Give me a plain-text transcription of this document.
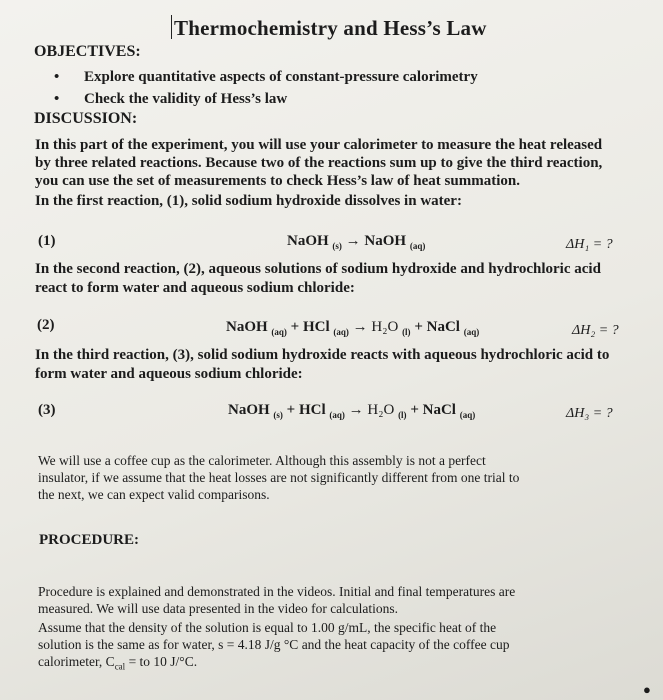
Thermochemistry and Hess’s Law
OBJECTIVES:
• Explore quantitative aspects of constant-pressure calorimetry
• Check the validity of Hess’s law
DISCUSSION:
In this part of the experiment, you will use your calorimeter to measure the heat released
by three related reactions. Because two of the reactions sum up to give the third reaction,
you can use the set of measurements to check Hess’s law of heat summation.
In the first reaction, (1), solid sodium hydroxide dissolves in water:
(1)	NaOH $_{(s)}$ → NaOH $_{(aq)}$	ΔH₁ = ?
In the second reaction, (2), aqueous solutions of sodium hydroxide and hydrochloric acid
react to form water and aqueous sodium chloride:
(2)	NaOH $_{(aq)}$ + HCl $_{(aq)}$ → H₂O $_{(l)}$ + NaCl $_{(aq)}$	ΔH₂ = ?
In the third reaction, (3), solid sodium hydroxide reacts with aqueous hydrochloric acid to
form water and aqueous sodium chloride:
(3)	NaOH $_{(s)}$ + HCl $_{(aq)}$ → H₂O $_{(l)}$ + NaCl $_{(aq)}$	ΔH₃ = ?
We will use a coffee cup as the calorimeter. Although this assembly is not a perfect
insulator, if we assume that the heat losses are not significantly different from one trial to
the next, we can expect valid comparisons.
PROCEDURE:
Procedure is explained and demonstrated in the videos. Initial and final temperatures are
measured. We will use data presented in the video for calculations.
Assume that the density of the solution is equal to 1.00 g/mL, the specific heat of the
solution is the same as for water, s = 4.18 J/g °C and the heat capacity of the coffee cup
calorimeter, $C_{cal}$ = to 10 J/°C.
●
